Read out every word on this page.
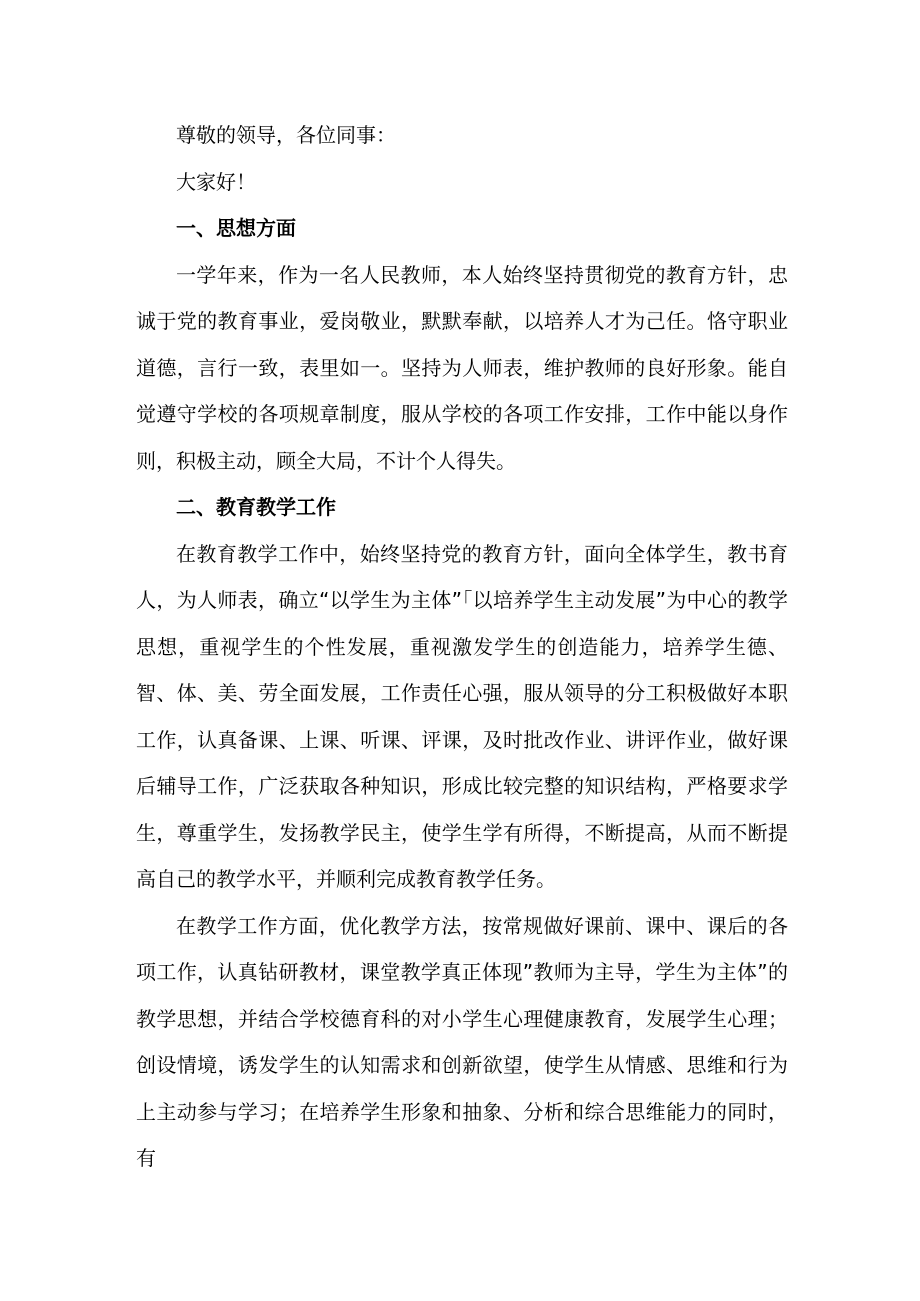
尊敬的领导，各位同事：

大家好！

一、思想方面

一学年来，作为一名人民教师，本人始终坚持贯彻党的教育方针，忠诚于党的教育事业，爱岗敬业，默默奉献，以培养人才为己任。恪守职业道德，言行一致，表里如一。坚持为人师表，维护教师的良好形象。能自觉遵守学校的各项规章制度，服从学校的各项工作安排，工作中能以身作则，积极主动，顾全大局，不计个人得失。

二、教育教学工作

在教育教学工作中，始终坚持党的教育方针，面向全体学生，教书育人，为人师表，确立“以学生为主体”「以培养学生主动发展”为中心的教学思想，重视学生的个性发展，重视激发学生的创造能力，培养学生德、智、体、美、劳全面发展，工作责任心强，服从领导的分工积极做好本职工作，认真备课、上课、听课、评课，及时批改作业、讲评作业，做好课后辅导工作，广泛获取各种知识，形成比较完整的知识结构，严格要求学生，尊重学生，发扬教学民主，使学生学有所得，不断提高，从而不断提高自己的教学水平，并顺利完成教育教学任务。

在教学工作方面，优化教学方法，按常规做好课前、课中、课后的各项工作，认真钻研教材，课堂教学真正体现”教师为主导，学生为主体”的教学思想，并结合学校德育科的对小学生心理健康教育，发展学生心理；创设情境，诱发学生的认知需求和创新欲望，使学生从情感、思维和行为上主动参与学习；在培养学生形象和抽象、分析和综合思维能力的同时，有
